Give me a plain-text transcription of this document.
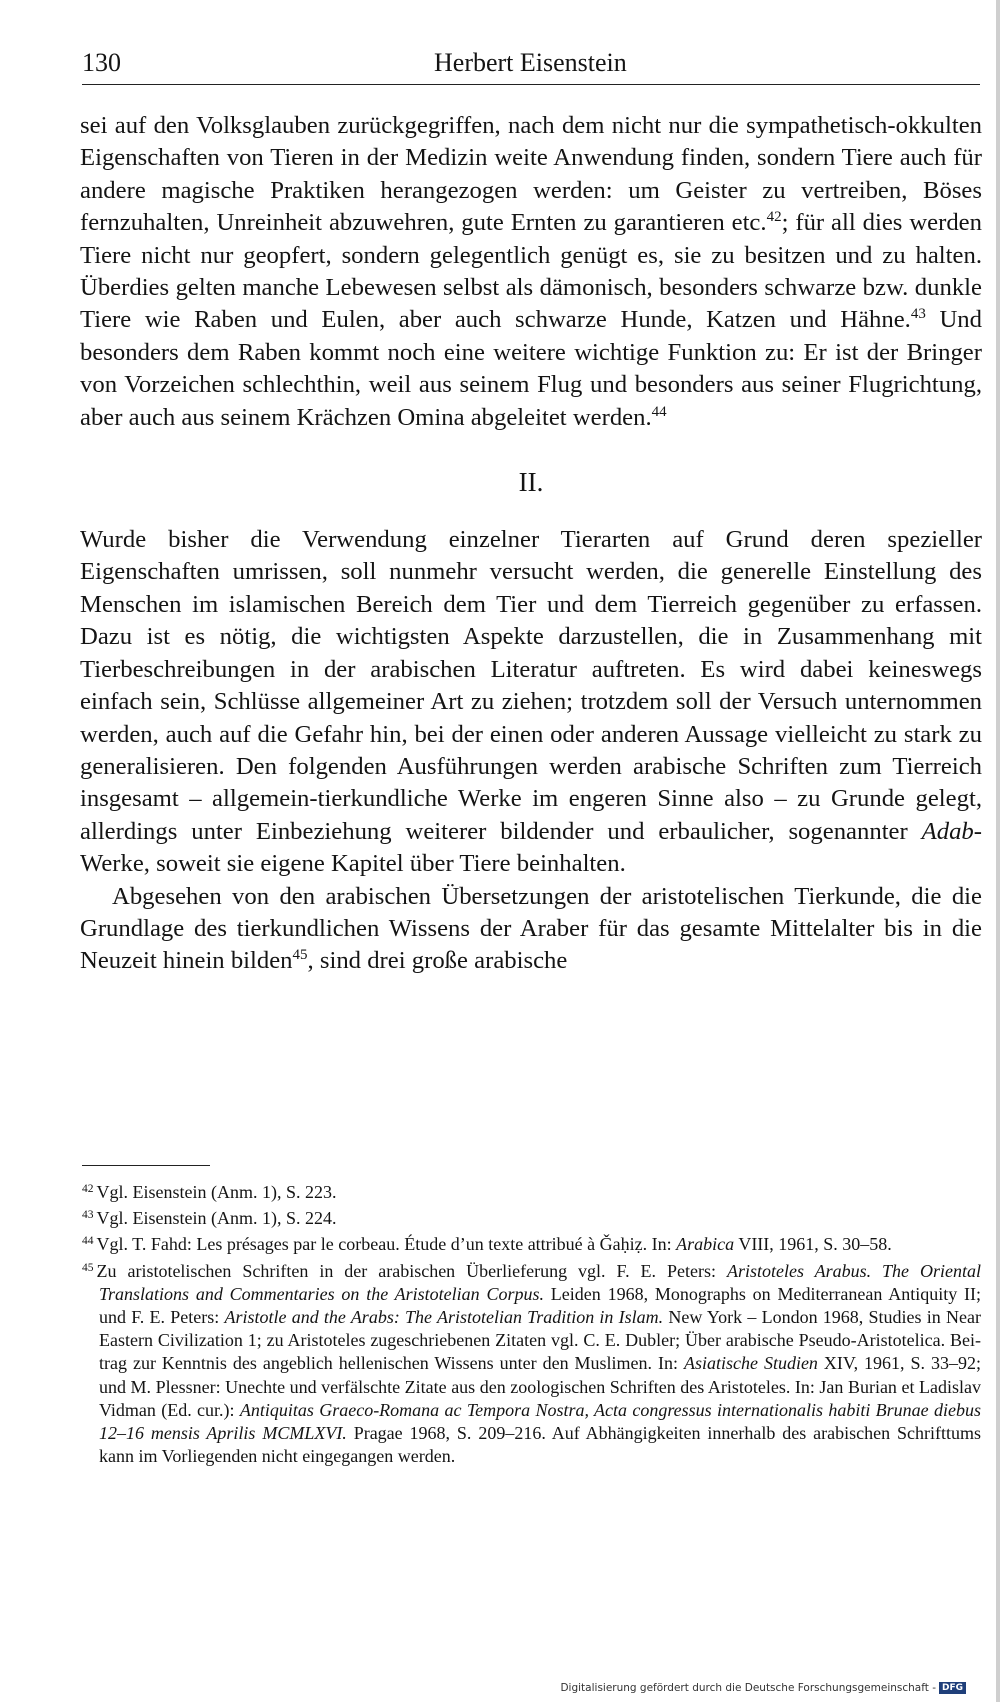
130	Herbert Eisenstein

sei auf den Volksglauben zurückgegriffen, nach dem nicht nur die sympathetisch-okkulten Eigenschaften von Tieren in der Medizin weite Anwendung finden, sondern Tiere auch für andere magische Praktiken herangezogen werden: um Geister zu vertreiben, Böses fernzuhalten, Unreinheit abzuwehren, gute Ernten zu garantieren etc.$^{42}$; für all dies werden Tiere nicht nur geopfert, sondern gelegentlich genügt es, sie zu besitzen und zu halten. Überdies gelten manche Lebewesen selbst als dämonisch, besonders schwarze bzw. dunkle Tiere wie Raben und Eulen, aber auch schwarze Hunde, Katzen und Hähne.$^{43}$ Und besonders dem Raben kommt noch eine weitere wichtige Funktion zu: Er ist der Bringer von Vorzeichen schlechthin, weil aus seinem Flug und besonders aus seiner Flugrichtung, aber auch aus seinem Krächzen Omina abgeleitet werden.$^{44}$

II.

Wurde bisher die Verwendung einzelner Tierarten auf Grund deren spezieller Eigenschaften umrissen, soll nunmehr versucht werden, die generelle Einstellung des Menschen im islamischen Bereich dem Tier und dem Tierreich gegenüber zu erfassen. Dazu ist es nötig, die wichtigsten Aspekte darzustellen, die in Zusammenhang mit Tierbeschreibungen in der arabischen Literatur auftreten. Es wird dabei keineswegs einfach sein, Schlüsse allgemeiner Art zu ziehen; trotzdem soll der Versuch unternommen werden, auch auf die Gefahr hin, bei der einen oder anderen Aussage vielleicht zu stark zu generalisieren. Den folgenden Ausführungen werden arabische Schriften zum Tierreich insgesamt – allgemein-tierkundliche Werke im engeren Sinne also – zu Grunde gelegt, allerdings unter Einbeziehung weiterer bildender und erbaulicher, sogenannter Adab-Werke, soweit sie eigene Kapitel über Tiere beinhalten.

Abgesehen von den arabischen Übersetzungen der aristotelischen Tierkunde, die die Grundlage des tierkundlichen Wissens der Araber für das gesamte Mittelalter bis in die Neuzeit hinein bilden$^{45}$, sind drei große arabische

$^{42}$ Vgl. Eisenstein (Anm. 1), S. 223.

$^{43}$ Vgl. Eisenstein (Anm. 1), S. 224.

$^{44}$ Vgl. T. Fahd: Les présages par le corbeau. Étude d’un texte attribué à Ǧaḥiẓ. In: Arabica VIII, 1961, S. 30–58.

$^{45}$ Zu aristotelischen Schriften in der arabischen Überlieferung vgl. F. E. Peters: Aristoteles Arabus. The Oriental Translations and Commentaries on the Aristotelian Corpus. Leiden 1968, Monographs on Mediterranean Antiquity II; und F. E. Peters: Aristotle and the Arabs: The Aristotelian Tradition in Islam. New York – London 1968, Studies in Near Eastern Civilization 1; zu Aristoteles zugeschriebenen Zitaten vgl. C. E. Dubler; Über arabische Pseudo-Aristotelica. Beitrag zur Kenntnis des angeblich hellenischen Wissens unter den Muslimen. In: Asiatische Studien XIV, 1961, S. 33–92; und M. Plessner: Unechte und verfälschte Zitate aus den zoologischen Schriften des Aristoteles. In: Jan Burian et Ladislav Vidman (Ed. cur.): Antiquitas Graeco-Romana ac Tempora Nostra, Acta congressus internationalis habiti Brunae diebus 12–16 mensis Aprilis MCMLXVI. Pragae 1968, S. 209–216. Auf Abhängigkeiten innerhalb des arabischen Schrifttums kann im Vorliegenden nicht eingegangen werden.

Digitalisierung gefördert durch die Deutsche Forschungsgemeinschaft - DFG
